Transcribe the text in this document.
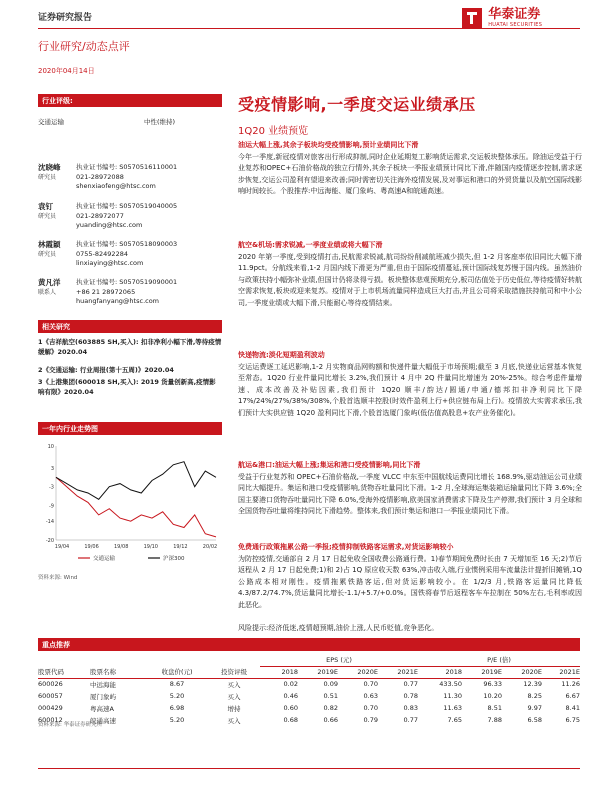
证券研究报告
	华泰证券
HUATAI SECURITIES
行业研究/动态点评
2020年04月14日
行业评级:
交通运输	中性(维持)
沈晓峰
研究员
执业证书编号: S0570516110001
021-28972088
shenxiaofeng@htsc.com
袁钉
研究员
执业证书编号: S0570519040005
021-28972077
yuanding@htsc.com
林霞颖
研究员
执业证书编号: S0570518090003
0755-82492284
linxiaying@htsc.com
黄凡洋
联系人
执业证书编号: S0570519090001
+86 21 28972065
huangfanyang@htsc.com
相关研究
1《吉祥航空(603885 SH,买入): 扣非净利小幅下滑,等待疫情缓解》2020.04
2《交通运输: 行业周报(第十五周)》2020.04
3《上港集团(600018 SH,买入): 2019 货量创新高,疫情影响有限》2020.04
一年内行业走势图
10
3
-3
-9
-14
-20
19/04	19/06	19/08	19/10	19/12	20/02
交通运输	沪深300
资料来源: Wind
受疫情影响,一季度交运业绩承压
1Q20 业绩预览
油运大幅上涨,其余子板块均受疫情影响,预计业绩同比下滑
今年一季度,新冠疫情对旅客出行形成抑制,同时企业延期复工影响货运需求,交运板块整体承压。除油运受益于行业复苏和OPEC+石油价格战的独立行情外,其余子板块一季报业绩预计同比下滑,伴随国内疫情逐步控制,需求逐步恢复,交运公司盈利有望迎来改善;同时需密切关注海外疫情发展,及对事运和港口的外贸货量以及航空国际线影响时间较长。个股推荐:中远海能、厦门象屿、粤高速A和皖通高速。
航空&机场:需求锐减,一季度业绩或将大幅下滑
2020 年第一季度,受到疫情打击,民航需求锐减,航司纷纷削减航班减少损失,但 1-2 月客座率依旧同比大幅下滑 11.9pct。分航线来看,1-2 月国内线下滑更为严重,但由于国际疫情蔓延,预计国际线复苏慢于国内线。虽然油价与政策扶持小幅弥补业绩,但国计仍将录得亏损。板块整体悲观预期充分,板司估值处于历史低位,等待疫情好转航空需求恢复,板块或迎来复苏。疫情对于上市机场流量同样造成巨大打击,并且公司将采取措施扶持航司和中小公司,一季度业绩或大幅下滑,只能耐心等待疫情结束。
快递物流:淡化短期盈利波动
交运运费逐工延迟影响,1-2 月实物商品网购额和快递件量大幅低于市场预期;截至 3 月底,快递业运营基本恢复至常态。1Q20 行业件量同比增长 3.2%,我们预计 4 月中 2Q 件量同比增速为 20%-25%。综合考虑件量增速、成本改善及补贴因素,我们预计 1Q20 顺丰/韵达/圆通/申通/德邦扣非净利同比下降 17%/24%/27%/38%/308%,个股首选顺丰控股(时效件盈利上行+供应链布局上行)。疫情放大实需求承压,我们预计大实供应链 1Q20 盈利同比下滑,个股首选厦门象屿(低估值高股息+农产业务催化)。
航运&港口:油运大幅上涨;集运和港口受疫情影响,同比下滑
受益于行业复苏和 OPEC+石油价格战,一季度 VLCC 中东至中国航线运费同比增长 168.9%,驱动油运公司业绩同比大幅提升。集运和港口受疫情影响,货物吞吐量同比下滑。1-2 月,全球海运集装箱运输量同比下降 3.6%;全国主要港口货物吞吐量同比下降 6.0%,受海外疫情影响,欧美国家消费需求下降及生产停滞,我们预计 3 月全球和全国货物吞吐量将维持同比下滑趋势。整体来,我们预计集运和港口一季报业绩同比下滑。
免费通行政策拖累公路一季报;疫情抑制铁路客运需求,对货运影响较小
为防控疫情,交通部自 2 月 17 日起免收全国收费公路通行费。1)春节期间免费时长由 7 天增加至 16 天;2)节后返程从 2 月 17 日起免费;1)和 2)占 1Q 原应收天数 63%,冲击收入端,行业惯例采用车流量法计提折旧摊销,1Q 公路成本相对刚性。疫情拖累铁路客运,但对货运影响较小。在 1/2/3 月,铁路客运量同比降低 4.3/87.2/74.7%,货运量同比增长-1.1/+5.7/+0.0%。国铁将春节后返程客车车拉制在 50%左右,毛利率或因此恶化。
风险提示:经济低迷,疫情超预期,油价上涨,人民币贬值,竞争恶化。
重点推荐
				EPS (元)				P/E (倍)			
股票代码	股票名称	收盘价(元)	投资评级	2018	2019E	2020E	2021E	2018	2019E	2020E	2021E
600026	中远海能	8.67	买入	0.02	0.09	0.70	0.77	433.50	96.33	12.39	11.26
600057	厦门象屿	5.20	买入	0.46	0.51	0.63	0.78	11.30	10.20	8.25	6.67
000429	粤高速A	6.98	增持	0.60	0.82	0.70	0.83	11.63	8.51	9.97	8.41
600012	皖通高速	5.20	买入	0.68	0.66	0.79	0.77	7.65	7.88	6.58	6.75
资料来源: 华泰证券研究所
